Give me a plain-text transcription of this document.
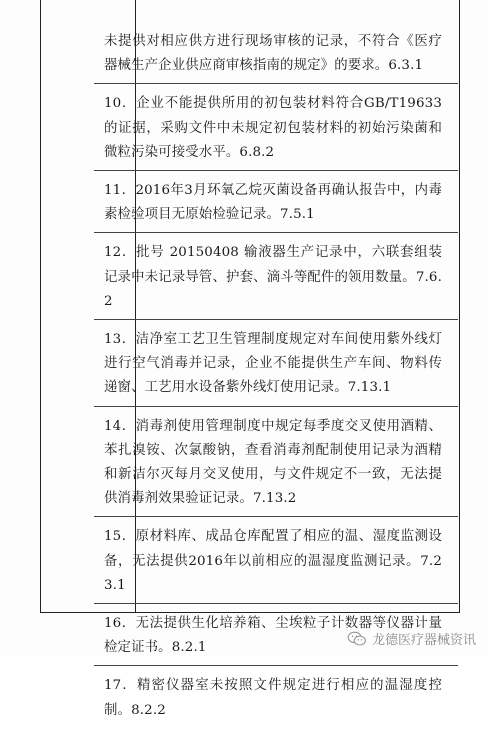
未提供对相应供方进行现场审核的记录，不符合《医疗器械生产企业供应商审核指南的规定》的要求。6.3.1

10．企业不能提供所用的初包装材料符合GB/T19633的证据，采购文件中未规定初包装材料的初始污染菌和微粒污染可接受水平。6.8.2

11．2016年3月环氧乙烷灭菌设备再确认报告中，内毒素检验项目无原始检验记录。7.5.1

12．批号 20150408 输液器生产记录中，六联套组装记录中未记录导管、护套、滴斗等配件的领用数量。7.6.2

13．洁净室工艺卫生管理制度规定对车间使用紫外线灯进行空气消毒并记录，企业不能提供生产车间、物料传递窗、工艺用水设备紫外线灯使用记录。7.13.1

14．消毒剂使用管理制度中规定每季度交叉使用酒精、苯扎溴铵、次氯酸钠，查看消毒剂配制使用记录为酒精和新洁尔灭每月交叉使用，与文件规定不一致，无法提供消毒剂效果验证记录。7.13.2

15．原材料库、成品仓库配置了相应的温、湿度监测设备，无法提供2016年以前相应的温湿度监测记录。7.23.1

16．无法提供生化培养箱、尘埃粒子计数器等仪器计量检定证书。8.2.1

17．精密仪器室未按照文件规定进行相应的温湿度控制。8.2.2

龙德医疗器械资讯
